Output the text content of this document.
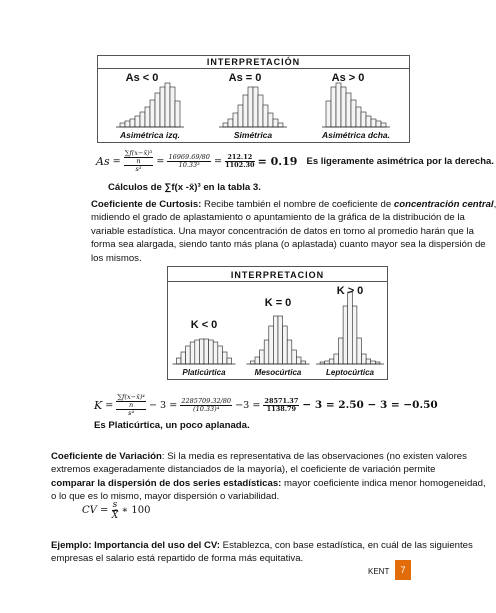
INTERPRETACIÓN
As < 0	As = 0	As > 0
Asimétrica izq.	Simétrica	Asimétrica dcha.
As =
∑f(x−x̄)³
n
s³
= $\frac{16969.69/80}{\text{10.33³}} = \frac{212.12}{1102.30} = 0.19$ Es ligeramente asimétrica por la derecha.
Cálculos de ∑f(x -x̄)³ en la tabla 3.
Coeficiente de Curtosis: Recibe también el nombre de coeficiente de concentración central,
midiendo el grado de aplastamiento o apuntamiento de la gráfica de la distribución de la
variable estadística. Una mayor concentración de datos en torno al promedio harán que la
forma sea alargada, siendo tanto más plana (o aplastada) cuanto mayor sea la dispersión de
los mismos.
INTERPRETACION
K < 0
K = 0
K > 0
Platicúrtica	Mesocúrtica	Leptocúrtica
K =
∑f(x−x̄)⁴
n
s⁴
− $3 = \frac{2285709.32/80}{\text{(10.33)⁴}} -3 = \frac{28571.37}{1138.79} - 3 = 2.50 - 3 = -0.50$
Es Platicúrtica, un poco aplanada.
Coeficiente de Variación: Si la media es representativa de las observaciones (no existen valores
extremos exageradamente distanciados de la mayoría), el coeficiente de variación permite
comparar la dispersión de dos series estadísticas: mayor coeficiente indica menor homogeneidad,
o lo que es lo mismo, mayor dispersión o variabilidad.
CV = $\frac{s}{X̄}$ ∗ 100
Ejemplo: Importancia del uso del CV: Establezca, con base estadística, en cuál de las siguientes
empresas el salario está repartido de forma más equitativa.
KENT	7
